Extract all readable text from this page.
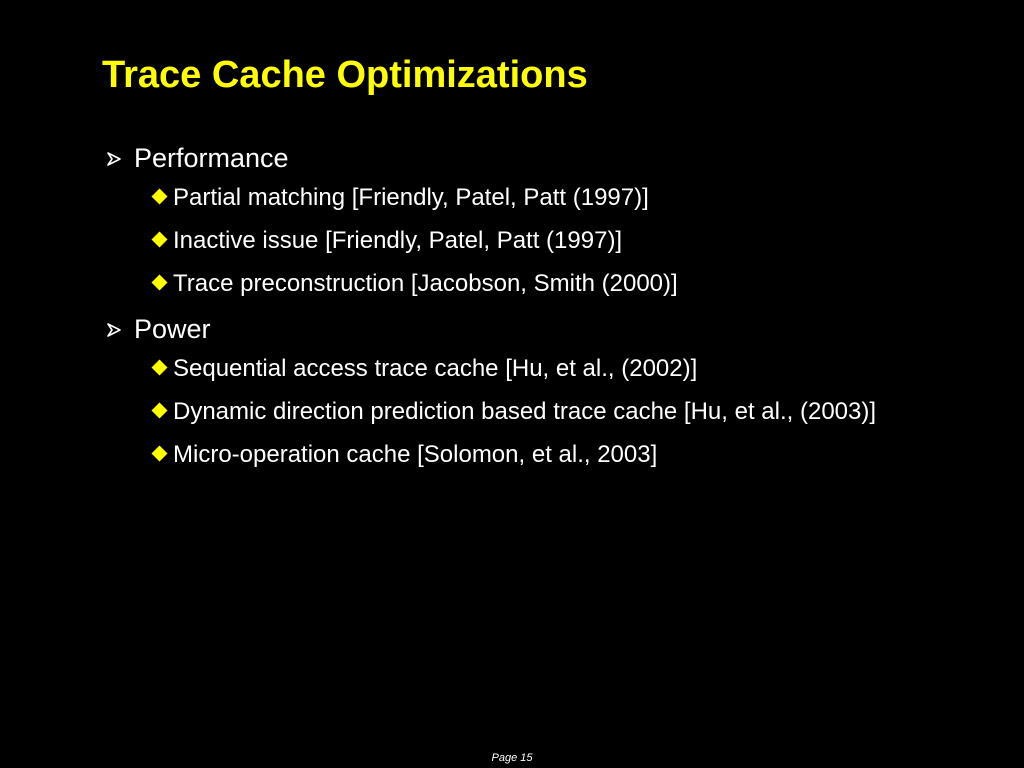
Trace Cache Optimizations
Performance
Partial matching [Friendly, Patel, Patt (1997)]
Inactive issue [Friendly, Patel, Patt (1997)]
Trace preconstruction [Jacobson, Smith (2000)]
Power
Sequential access trace cache [Hu, et al., (2002)]
Dynamic direction prediction based trace cache [Hu, et al., (2003)]
Micro-operation cache [Solomon, et al., 2003]
Page 15
